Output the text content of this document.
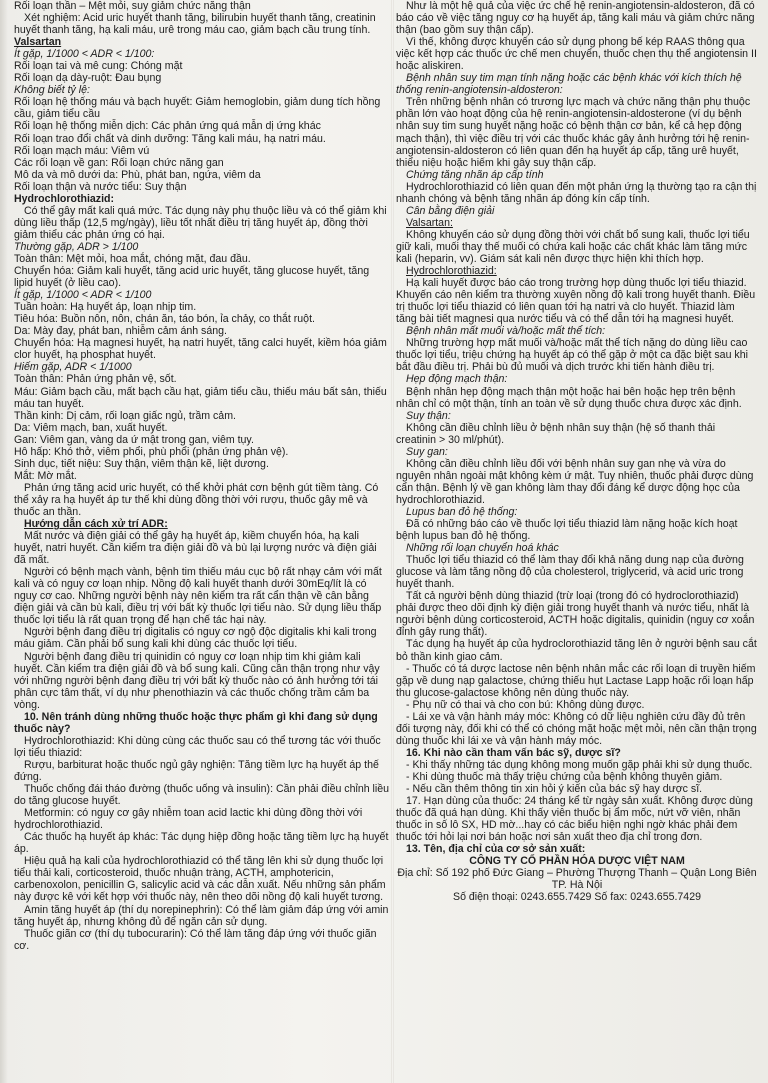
Rối loạn thần – Mệt mỏi, suy giảm chức năng thận

Xét nghiệm: Acid uric huyết thanh tăng, bilirubin huyết thanh tăng, creatinin huyết thanh tăng, hạ kali máu, urê trong máu cao, giảm bạch cầu trung tính.

Valsartan

Ít gặp, 1/1000 < ADR < 1/100:

Rối loạn tai và mê cung: Chóng mặt

Rối loạn dạ dày-ruột: Đau bụng

Không biết tỷ lệ:

Rối loạn hệ thống máu và bạch huyết: Giảm hemoglobin, giảm dung tích hồng cầu, giảm tiểu cầu

Rối loạn hệ thống miễn dịch: Các phản ứng quá mẫn dị ứng khác

Rối loạn trao đổi chất và dinh dưỡng: Tăng kali máu, hạ natri máu.

Rối loạn mạch máu: Viêm vú

Các rối loạn về gan: Rối loạn chức năng gan

Mô da và mô dưới da: Phù, phát ban, ngứa, viêm da

Rối loạn thận và nước tiểu: Suy thận

Hydrochlorothiazid:

Có thể gây mất kali quá mức. Tác dụng này phụ thuộc liều và có thể giảm khi dùng liều thấp (12,5 mg/ngày), liều tốt nhất điều trị tăng huyết áp, đồng thời giảm thiểu các phản ứng có hại.

Thường gặp, ADR > 1/100

Toàn thân: Mệt mỏi, hoa mắt, chóng mặt, đau đầu.

Chuyển hóa: Giảm kali huyết, tăng acid uric huyết, tăng glucose huyết, tăng lipid huyết (ở liều cao).

Ít gặp, 1/1000 < ADR < 1/100

Tuần hoàn: Hạ huyết áp, loạn nhịp tim.

Tiêu hóa: Buồn nôn, nôn, chán ăn, táo bón, ỉa chảy, co thắt ruột.

Da: Mày đay, phát ban, nhiễm cảm ánh sáng.

Chuyển hóa: Hạ magnesi huyết, hạ natri huyết, tăng calci huyết, kiềm hóa giảm clor huyết, hạ phosphat huyết.

Hiếm gặp, ADR < 1/1000

Toàn thân: Phản ứng phản vệ, sốt.

Máu: Giảm bạch cầu, mất bạch cầu hạt, giảm tiểu cầu, thiếu máu bất sản, thiếu máu tan huyết.

Thần kinh: Dị cảm, rối loạn giấc ngủ, trầm cảm.

Da: Viêm mạch, ban, xuất huyết.

Gan: Viêm gan, vàng da ứ mật trong gan, viêm tụy.

Hô hấp: Khó thở, viêm phổi, phù phổi (phản ứng phản vệ).

Sinh dục, tiết niệu: Suy thận, viêm thận kẽ, liệt dương.

Mắt: Mờ mắt.

Phản ứng tăng acid uric huyết, có thể khởi phát cơn bệnh gút tiềm tàng. Có thể xảy ra hạ huyết áp tư thế khi dùng đồng thời với rượu, thuốc gây mê và thuốc an thần.

Hướng dẫn cách xử trí ADR:

Mất nước và điện giải có thể gây hạ huyết áp, kiềm chuyển hóa, hạ kali huyết, natri huyết. Cần kiểm tra điện giải đồ và bù lại lượng nước và điện giải đã mất.

Người có bệnh mạch vành, bệnh tim thiếu máu cục bộ rất nhạy cảm với mất kali và có nguy cơ loạn nhịp. Nồng độ kali huyết thanh dưới 30mEq/lít là có nguy cơ cao. Những người bệnh này nên kiểm tra rất cẩn thận về cân bằng điện giải và cần bù kali, điều trị với bất kỳ thuốc lợi tiểu nào. Sử dụng liều thấp thuốc lợi tiểu là rất quan trọng để hạn chế tác hại này.

Người bệnh đang điều trị digitalis có nguy cơ ngộ độc digitalis khi kali trong máu giảm. Cần phải bổ sung kali khi dùng các thuốc lợi tiểu.

Người bệnh đang điều trị quinidin có nguy cơ loạn nhịp tim khi giảm kali huyết. Cần kiểm tra điện giải đồ và bổ sung kali. Cũng cần thận trọng như vậy với những người bệnh đang điều trị với bất kỳ thuốc nào có ảnh hưởng tới tái phân cực tâm thất, ví dụ như phenothiazin và các thuốc chống trầm cảm ba vòng.

10. Nên tránh dùng những thuốc hoặc thực phẩm gì khi đang sử dụng thuốc này?

Hydrochlorothiazid: Khi dùng cùng các thuốc sau có thể tương tác với thuốc lợi tiểu thiazid:

Rượu, barbiturat hoặc thuốc ngủ gây nghiện: Tăng tiềm lực hạ huyết áp thế đứng.

Thuốc chống đái tháo đường (thuốc uống và insulin): Cần phải điều chỉnh liều do tăng glucose huyết.

Metformin: có nguy cơ gây nhiễm toan acid lactic khi dùng đồng thời với hydrochlorothiazid.

Các thuốc hạ huyết áp khác: Tác dụng hiệp đồng hoặc tăng tiềm lực hạ huyết áp.

Hiệu quả hạ kali của hydrochlorothiazid có thể tăng lên khi sử dụng thuốc lợi tiểu thải kali, corticosteroid, thuốc nhuận tràng, ACTH, amphotericin, carbenoxolon, penicillin G, salicylic acid và các dẫn xuất. Nếu những sản phẩm này được kê với kết hợp với thuốc này, nên theo dõi nồng độ kali huyết tương.

Amin tăng huyết áp (thí dụ norepinephrin): Có thể làm giảm đáp ứng với amin tăng huyết áp, nhưng không đủ để ngăn cản sử dụng.

Thuốc giãn cơ (thí dụ tubocurarin): Có thể làm tăng đáp ứng với thuốc giãn cơ.

Như là một hệ quả của việc ức chế hệ renin-angiotensin-aldosteron, đã có báo cáo về việc tăng nguy cơ hạ huyết áp, tăng kali máu và giảm chức năng thận (bao gồm suy thận cấp).

Vì thế, không được khuyến cáo sử dụng phong bế kép RAAS thông qua việc kết hợp các thuốc ức chế men chuyển, thuốc chẹn thụ thể angiotensin II hoặc aliskiren.

Bệnh nhân suy tim mạn tính nặng hoặc các bệnh khác với kích thích hệ thống renin-angiotensin-aldosteron:

Trên những bệnh nhân có trương lực mạch và chức năng thận phụ thuộc phần lớn vào hoạt động của hệ renin-angiotensin-aldosterone (ví dụ bệnh nhân suy tim sung huyết nặng hoặc có bệnh thận cơ bản, kể cả hẹp động mạch thận), thì việc điều trị với các thuốc khác gây ảnh hưởng tới hệ renin-angiotensin-aldosteron có liên quan đến hạ huyết áp cấp, tăng urê huyết, thiểu niệu hoặc hiếm khi gây suy thận cấp.

Chứng tăng nhãn áp cấp tính

Hydrochlorothiazid có liên quan đến một phản ứng lạ thường tạo ra cận thị nhanh chóng và bệnh tăng nhãn áp đóng kín cấp tính.

Cân bằng điện giải

Valsartan:

Không khuyến cáo sử dụng đồng thời với chất bổ sung kali, thuốc lợi tiểu giữ kali, muối thay thế muối có chứa kali hoặc các chất khác làm tăng mức kali (heparin, vv). Giám sát kali nên được thực hiện khi thích hợp.

Hydrochlorothiazid:

Hạ kali huyết được báo cáo trong trường hợp dùng thuốc lợi tiểu thiazid. Khuyến cáo nên kiểm tra thường xuyên nồng độ kali trong huyết thanh. Điều trị thuốc lợi tiểu thiazid có liên quan tới hạ natri và clo huyết. Thiazid làm tăng bài tiết magnesi qua nước tiểu và có thể dẫn tới hạ magnesi huyết.

Bệnh nhân mất muối và/hoặc mất thể tích:

Những trường hợp mất muối và/hoặc mất thể tích nặng do dùng liều cao thuốc lợi tiểu, triệu chứng hạ huyết áp có thể gặp ở một ca đặc biệt sau khi bắt đầu điều trị. Phải bù đủ muối và dịch trước khi tiến hành điều trị.

Hẹp động mạch thận:

Bệnh nhân hẹp động mạch thận một hoặc hai bên hoặc hẹp trên bệnh nhân chỉ có một thận, tính an toàn về sử dụng thuốc chưa được xác định.

Suy thận:

Không cần điều chỉnh liều ở bệnh nhân suy thận (hệ số thanh thải creatinin > 30 ml/phút).

Suy gan:

Không cần điều chỉnh liều đối với bệnh nhân suy gan nhẹ và vừa do nguyên nhân ngoài mật không kèm ứ mật. Tuy nhiên, thuốc phải được dùng cẩn thận. Bệnh lý về gan không làm thay đổi đáng kể dược động học của hydrochlorothiazid.

Lupus ban đỏ hệ thống:

Đã có những báo cáo về thuốc lợi tiểu thiazid làm nặng hoặc kích hoạt bệnh lupus ban đỏ hệ thống.

Những rối loạn chuyển hoá khác

Thuốc lợi tiểu thiazid có thể làm thay đổi khả năng dung nạp của đường glucose và làm tăng nồng độ của cholesterol, triglycerid, và acid uric trong huyết thanh.

Tất cả người bệnh dùng thiazid (trừ loại (trong đó có hydroclorothiazid) phải được theo dõi định kỳ điện giải trong huyết thanh và nước tiểu, nhất là người bệnh dùng corticosteroid, ACTH hoặc digitalis, quinidin (nguy cơ xoắn đỉnh gây rung thất).

Tác dụng hạ huyết áp của hydroclorothiazid tăng lên ở người bệnh sau cắt bỏ thần kinh giao cảm.

- Thuốc có tá dược lactose nên bệnh nhân mắc các rối loạn di truyền hiếm gặp về dung nạp galactose, chứng thiếu hụt Lactase Lapp hoặc rối loạn hấp thu glucose-galactose không nên dùng thuốc này.

- Phụ nữ có thai và cho con bú: Không dùng được.

- Lái xe và vận hành máy móc: Không có dữ liệu nghiên cứu đầy đủ trên đối tượng này, đối khi có thể có chóng mặt hoặc mệt mỏi, nên cần thận trọng dùng thuốc khi lái xe và vận hành máy móc.

16. Khi nào cần tham vấn bác sỹ, dược sĩ?

- Khi thấy những tác dụng không mong muốn gặp phải khi sử dụng thuốc.

- Khi dùng thuốc mà thấy triệu chứng của bệnh không thuyên giảm.

- Nếu cần thêm thông tin xin hỏi ý kiến của bác sỹ hay dược sĩ.

17. Hạn dùng của thuốc: 24 tháng kể từ ngày sản xuất. Không được dùng thuốc đã quá hạn dùng. Khi thấy viên thuốc bị ẩm mốc, nứt vỡ viên, nhãn thuốc in số lô SX, HD mờ...hay có các biểu hiện nghi ngờ khác phải đem thuốc tới hỏi lại nơi bán hoặc nơi sản xuất theo địa chỉ trong đơn.

13. Tên, địa chỉ của cơ sở sản xuất:

CÔNG TY CỔ PHẦN HÓA DƯỢC VIỆT NAM

Địa chỉ: Số 192 phố Đức Giang – Phường Thượng Thanh – Quận Long Biên TP. Hà Nội

Số điện thoại: 0243.655.7429 Số fax: 0243.655.7429
